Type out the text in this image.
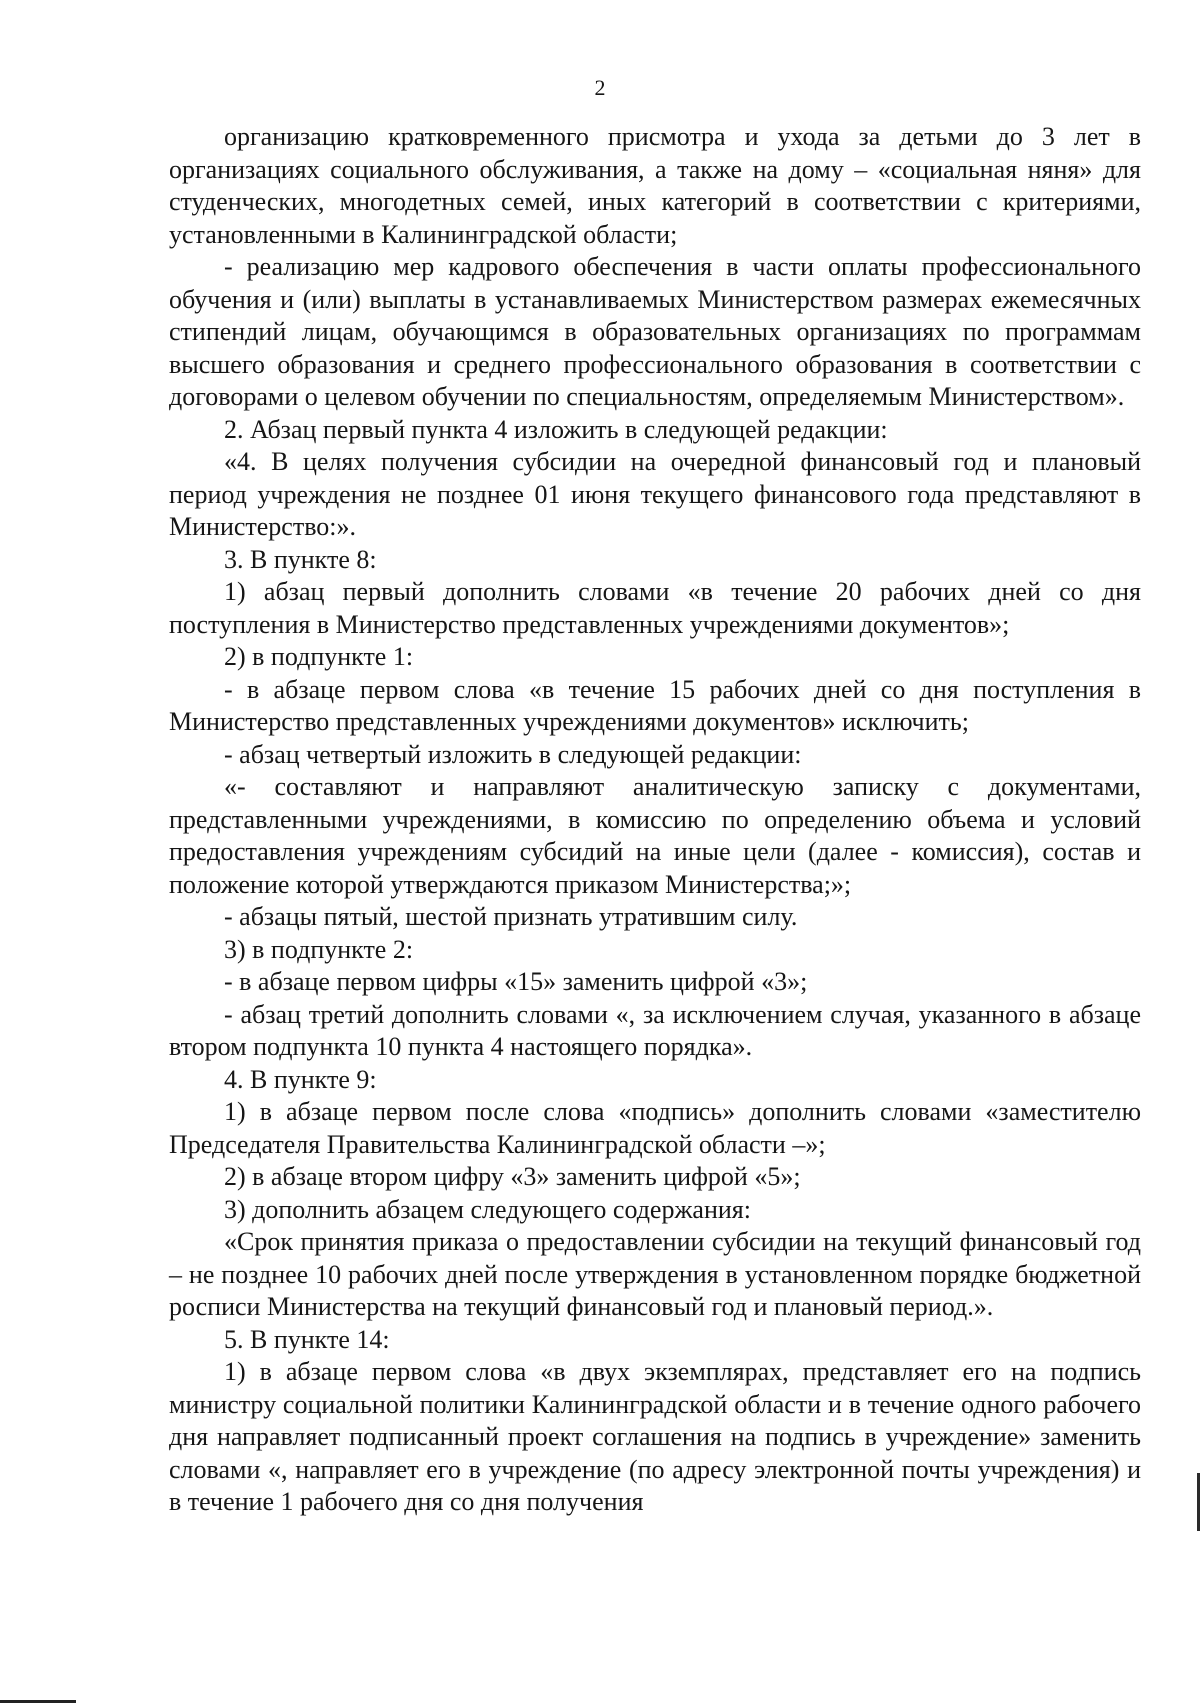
2

организацию кратковременного присмотра и ухода за детьми до 3 лет в организациях социального обслуживания, а также на дому – «социальная няня» для студенческих, многодетных семей, иных категорий в соответствии с критериями, установленными в Калининградской области;

- реализацию мер кадрового обеспечения в части оплаты профессионального обучения и (или) выплаты в устанавливаемых Министерством размерах ежемесячных стипендий лицам, обучающимся в образовательных организациях по программам высшего образования и среднего профессионального образования в соответствии с договорами о целевом обучении по специальностям, определяемым Министерством».

2. Абзац первый пункта 4 изложить в следующей редакции:

«4. В целях получения субсидии на очередной финансовый год и плановый период учреждения не позднее 01 июня текущего финансового года представляют в Министерство:».

3. В пункте 8:

1) абзац первый дополнить словами «в течение 20 рабочих дней со дня поступления в Министерство представленных учреждениями документов»;

2) в подпункте 1:

- в абзаце первом слова «в течение 15 рабочих дней со дня поступления в Министерство представленных учреждениями документов» исключить;

- абзац четвертый изложить в следующей редакции:

«- составляют и направляют аналитическую записку с документами, представленными учреждениями, в комиссию по определению объема и условий предоставления учреждениям субсидий на иные цели (далее - комиссия), состав и положение которой утверждаются приказом Министерства;»;

- абзацы пятый, шестой признать утратившим силу.

3) в подпункте 2:

- в абзаце первом цифры «15» заменить цифрой «3»;

- абзац третий дополнить словами «, за исключением случая, указанного в абзаце втором подпункта 10 пункта 4 настоящего порядка».

4. В пункте 9:

1) в абзаце первом после слова «подпись» дополнить словами «заместителю Председателя Правительства Калининградской области –»;

2) в абзаце втором цифру «3» заменить цифрой «5»;

3) дополнить абзацем следующего содержания:

«Срок принятия приказа о предоставлении субсидии на текущий финансовый год – не позднее 10 рабочих дней после утверждения в установленном порядке бюджетной росписи Министерства на текущий финансовый год и плановый период.».

5. В пункте 14:

1) в абзаце первом слова «в двух экземплярах, представляет его на подпись министру социальной политики Калининградской области и в течение одного рабочего дня направляет подписанный проект соглашения на подпись в учреждение» заменить словами «, направляет его в учреждение (по адресу электронной почты учреждения) и в течение 1 рабочего дня со дня получения
